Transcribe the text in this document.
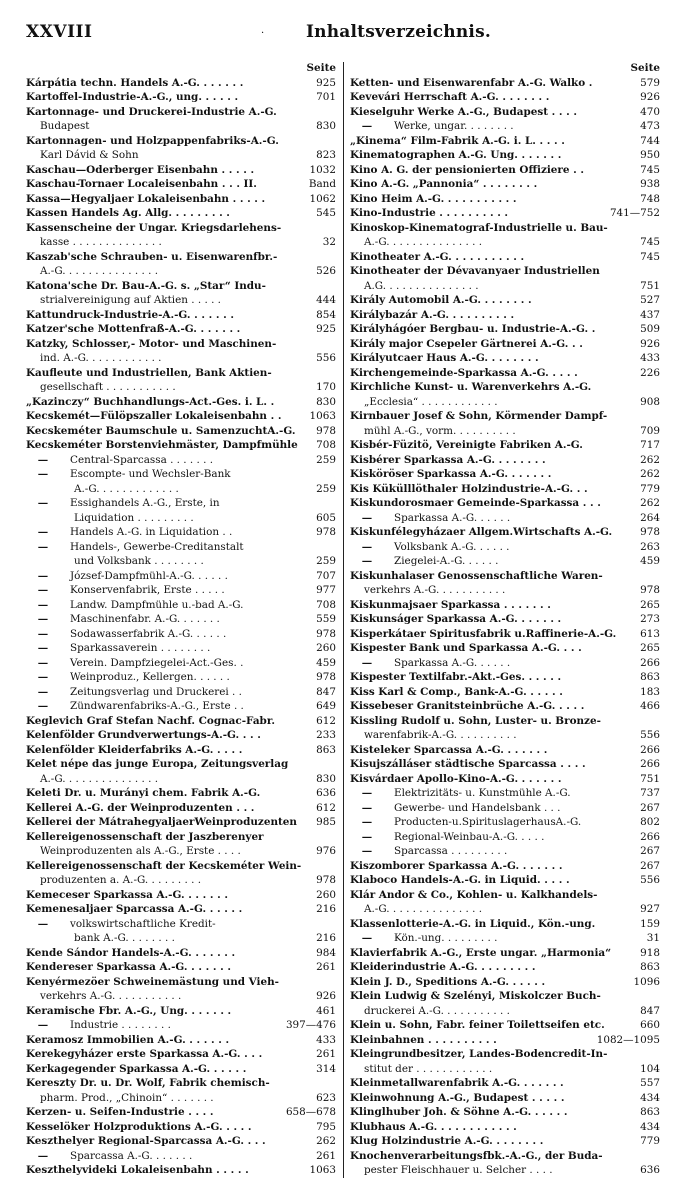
XXVIII	· Inhaltsverzeichnis.
Seite
Kárpátia techn. Handels A.-G. . . . . . .	925
Kartoffel-Industrie-A.-G., ung. . . . . .	701
Kartonnage- und Druckerei-Industrie A.-G.
Budapest	830
Kartonnagen- und Holzpappenfabriks-A.-G.
Karl Dávid & Sohn	823
Kaschau—Oderberger Eisenbahn . . . . .	1032
Kaschau-Tornaer Localeisenbahn . . . II.	Band
Kassa—Hegyaljaer Lokaleisenbahn . . . . .	1062
Kassen Handels Ag. Allg. . . . . . . . .	545
Kassenscheine der Ungar. Kriegsdarlehens-
kasse . . . . . . . . . . . . . .	32
Kaszab'sche Schrauben- u. Eisenwarenfbr.-
A.-G. . . . . . . . . . . . . . .	526
Katona'sche Dr. Bau-A.-G. s. „Star“ Indu-
strialvereinigung auf Aktien . . . . .	444
Kattundruck-Industrie-A.-G. . . . . . .	854
Katzer'sche Mottenfraß-A.-G. . . . . . .	925
Katzky, Schlosser,- Motor- und Maschinen-
ind. A.-G. . . . . . . . . . . .	556
Kaufleute und Industriellen, Bank Aktien-
gesellschaft . . . . . . . . . . .	170
„Kazinczy“ Buchhandlungs-Act.-Ges. i. L. .	830
Kecskemét—Fülöpszaller Lokaleisenbahn . .	1063
Kecskeméter Baumschule u. SamenzuchtA.-G.	978
Kecskeméter Borstenviehmäster, Dampfmühle	708
—	Central-Sparcassa . . . . . . .	259
—	Escompte- und Wechsler-Bank
A.-G. . . . . . . . . . . . .	259
—	Essighandels A.-G., Erste, in
Liquidation . . . . . . . . .	605
—	Handels A.-G. in Liquidation . .	978
—	Handels-, Gewerbe-Creditanstalt
und Volksbank . . . . . . . .	259
—	József-Dampfmühl-A.-G. . . . . .	707
—	Konservenfabrik, Erste . . . . .	977
—	Landw. Dampfmühle u.-bad A.-G.	708
—	Maschinenfabr. A.-G. . . . . . .	559
—	Sodawasserfabrik A.-G. . . . . .	978
—	Sparkassaverein . . . . . . . .	260
—	Verein. Dampfziegelei-Act.-Ges. .	459
—	Weinproduz., Kellergen. . . . . .	978
—	Zeitungsverlag und Druckerei . .	847
—	Zündwarenfabriks-A.-G., Erste . .	649
Keglevich Graf Stefan Nachf. Cognac-Fabr.	612
Kelenfölder Grundverwertungs-A.-G. . . .	233
Kelenfölder Kleiderfabriks A.-G. . . . .	863
Kelet népe das junge Europa, Zeitungsverlag
A.-G. . . . . . . . . . . . . . .	830
Keleti Dr. u. Murányi chem. Fabrik A.-G.	636
Kellerei A.-G. der Weinproduzenten . . .	612
Kellerei der MátrahegyaljaerWeinproduzenten	985
Kellereigenossenschaft der Jaszberenyer
Weinproduzenten als A.-G., Erste . . . .	976
Kellereigenossenschaft der Kecskeméter Wein-
produzenten a. A.-G. . . . . . . . .	978
Kemeceser Sparkassa A.-G. . . . . . .	260
Kemenesaljaer Sparcassa A.-G. . . . . .	216
—	volkswirtschaftliche Kredit-
bank A.-G. . . . . . . .	216
Kende Sándor Handels-A.-G. . . . . . .	984
Kendereser Sparkassa A.-G. . . . . . .	261
Kenyérmezöer Schweinemästung und Vieh-
verkehrs A.-G. . . . . . . . . . .	926
Keramische Fbr. A.-G., Ung. . . . . . .	461
—	Industrie . . . . . . . .	397—476
Keramosz Immobilien A.-G. . . . . . .	433
Kerekegyházer erste Sparkassa A.-G. . . .	261
Kerkagegender Sparkassa A.-G. . . . . .	314
Kereszty Dr. u. Dr. Wolf, Fabrik chemisch-
pharm. Prod., „Chinoin“ . . . . . . .	623
Kerzen- u. Seifen-Industrie . . . .	658—678
Kesselöker Holzproduktions A.-G. . . . .	795
Keszthelyer Regional-Sparcassa A.-G. . . .	262
—	Sparcassa A.-G. . . . . . .	261
Keszthelyvideki Lokaleisenbahn . . . . .	1063
Seite
Ketten- und Eisenwarenfabr A.-G. Walko .	579
Kevevári Herrschaft A.-G. . . . . . . .	926
Kieselguhr Werke A.-G., Budapest . . . .	470
—	Werke, ungar. . . . . . . .	473
„Kinema“ Film-Fabrik A.-G. i. L. . . . .	744
Kinematographen A.-G. Ung. . . . . . .	950
Kino A. G. der pensionierten Offiziere . .	745
Kino A.-G. „Pannonia“ . . . . . . . .	938
Kino Heim A.-G. . . . . . . . . . .	748
Kino-Industrie . . . . . . . . . .	741—752
Kinoskop-Kinematograf-Industrielle u. Bau-
A.-G. . . . . . . . . . . . . . .	745
Kinotheater A.-G. . . . . . . . . . .	745
Kinotheater der Dévavanyaer Industriellen
A.G. . . . . . . . . . . . . . .	751
Király Automobil A.-G. . . . . . . .	527
Királybazár A.-G. . . . . . . . . .	437
Királyhágóer Bergbau- u. Industrie-A.-G. .	509
Király major Csepeler Gärtnerei A.-G. . .	926
Királyutcaer Haus A.-G. . . . . . . .	433
Kirchengemeinde-Sparkassa A.-G. . . . .	226
Kirchliche Kunst- u. Warenverkehrs A.-G.
„Ecclesia“ . . . . . . . . . . . .	908
Kirnbauer Josef & Sohn, Körmender Dampf-
mühl A.-G., vorm. . . . . . . . . .	709
Kisbér-Füzitö, Vereinigte Fabriken A.-G.	717
Kisbérer Sparkassa A.-G. . . . . . . .	262
Kisköröser Sparkassa A.-G. . . . . . .	262
Kis Kükülllöthaler Holzindustrie-A.-G. . .	779
Kiskundorosmaer Gemeinde-Sparkassa . . .	262
—	Sparkassa A.-G. . . . . .	264
Kiskunfélegyházaer Allgem.Wirtschafts A.-G.	978
—	Volksbank A.-G. . . . . .	263
—	Ziegelei-A.-G. . . . . .	459
Kiskunhalaser Genossenschaftliche Waren-
verkehrs A.-G. . . . . . . . . . .	978
Kiskunmajsaer Sparkassa . . . . . . .	265
Kiskunságer Sparkassa A.-G. . . . . . .	273
Kisperkátaer Spiritusfabrik u.Raffinerie-A.-G.	613
Kispester Bank und Sparkassa A.-G. . . .	265
—	Sparkassa A.-G. . . . . .	266
Kispester Textilfabr.-Akt.-Ges. . . . . .	863
Kiss Karl & Comp., Bank-A.-G. . . . . .	183
Kissebeser Granitsteinbrüche A.-G. . . . .	466
Kissling Rudolf u. Sohn, Luster- u. Bronze-
warenfabrik-A.-G. . . . . . . . . .	556
Kisteleker Sparcassa A.-G. . . . . . .	266
Kisujszálláser städtische Sparcassa . . . .	266
Kisvárdaer Apollo-Kino-A.-G. . . . . . .	751
—	Elektrizitäts- u. Kunstmühle A.-G.	737
—	Gewerbe- und Handelsbank . . .	267
—	Producten-u.SpirituslagerhausA.-G.	802
—	Regional-Weinbau-A.-G. . . . .	266
—	Sparcassa . . . . . . . . .	267
Kiszomborer Sparkassa A.-G. . . . . . .	267
Klaboco Handels-A.-G. in Liquid. . . . .	556
Klár Andor & Co., Kohlen- u. Kalkhandels-
A.-G. . . . . . . . . . . . . . .	927
Klassenlotterie-A.-G. in Liquid., Kön.-ung.	159
—	Kön.-ung. . . . . . . . .	31
Klavierfabrik A.-G., Erste ungar. „Harmonia“	918
Kleiderindustrie A.-G. . . . . . . . .	863
Klein J. D., Speditions A.-G. . . . . .	1096
Klein Ludwig & Szelényi, Miskolczer Buch-
druckerei A.-G. . . . . . . . . . .	847
Klein u. Sohn, Fabr. feiner Toilettseifen etc.	660
Kleinbahnen . . . . . . . . . .	1082—1095
Kleingrundbesitzer, Landes-Bodencredit-In-
stitut der . . . . . . . . . . . .	104
Kleinmetallwarenfabrik A.-G. . . . . . .	557
Kleinwohnung A.-G., Budapest . . . . .	434
Klinglhuber Joh. & Söhne A.-G. . . . . .	863
Klubhaus A.-G. . . . . . . . . . . .	434
Klug Holzindustrie A.-G. . . . . . . .	779
Knochenverarbeitungsfbk.-A.-G., der Buda-
pester Fleischhauer u. Selcher . . . .	636
